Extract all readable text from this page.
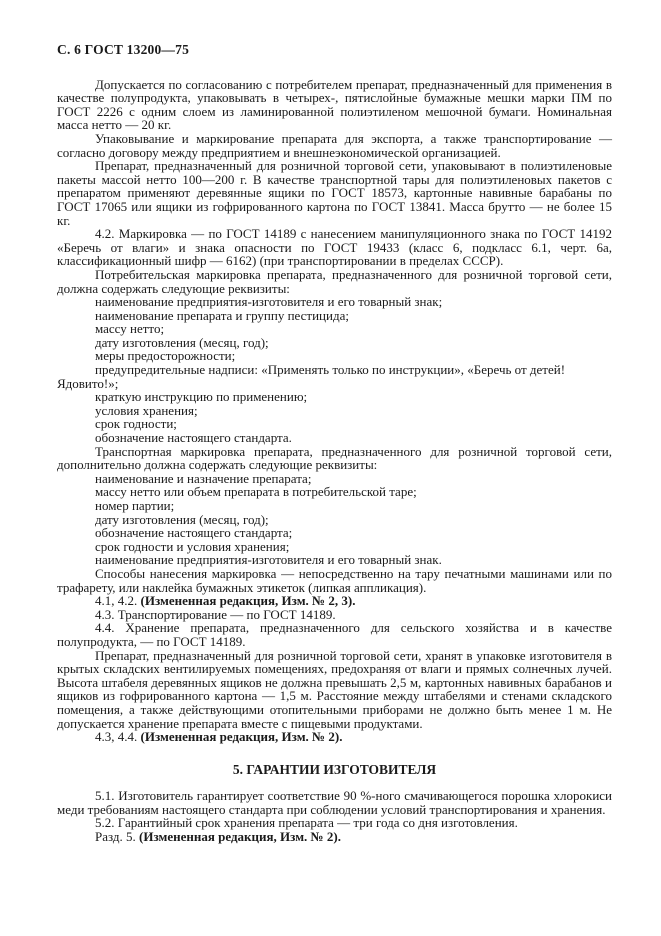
С. 6 ГОСТ 13200—75
Допускается по согласованию с потребителем препарат, предназначенный для применения в качестве полупродукта, упаковывать в четырех-, пятислойные бумажные мешки марки ПМ по ГОСТ 2226 с одним слоем из ламинированной полиэтиленом мешочной бумаги. Номинальная масса нетто — 20 кг.
Упаковывание и маркирование препарата для экспорта, а также транспортирование — согласно договору между предприятием и внешнеэкономической организацией.
Препарат, предназначенный для розничной торговой сети, упаковывают в полиэтиленовые пакеты массой нетто 100—200 г. В качестве транспортной тары для полиэтиленовых пакетов с препаратом применяют деревянные ящики по ГОСТ 18573, картонные навивные барабаны по ГОСТ 17065 или ящики из гофрированного картона по ГОСТ 13841. Масса брутто — не более 15 кг.
4.2. Маркировка — по ГОСТ 14189 с нанесением манипуляционного знака по ГОСТ 14192 «Беречь от влаги» и знака опасности по ГОСТ 19433 (класс 6, подкласс 6.1, черт. 6а, классификационный шифр — 6162) (при транспортировании в пределах СССР).
Потребительская маркировка препарата, предназначенного для розничной торговой сети, должна содержать следующие реквизиты:
наименование предприятия-изготовителя и его товарный знак;
наименование препарата и группу пестицида;
массу нетто;
дату изготовления (месяц, год);
меры предосторожности;
предупредительные надписи: «Применять только по инструкции», «Беречь от детей! Ядовито!»;
краткую инструкцию по применению;
условия хранения;
срок годности;
обозначение настоящего стандарта.
Транспортная маркировка препарата, предназначенного для розничной торговой сети, дополнительно должна содержать следующие реквизиты:
наименование и назначение препарата;
массу нетто или объем препарата в потребительской таре;
номер партии;
дату изготовления (месяц, год);
обозначение настоящего стандарта;
срок годности и условия хранения;
наименование предприятия-изготовителя и его товарный знак.
Способы нанесения маркировка — непосредственно на тару печатными машинами или по трафарету, или наклейка бумажных этикеток (липкая аппликация).
4.1, 4.2. (Измененная редакция, Изм. № 2, 3).
4.3. Транспортирование — по ГОСТ 14189.
4.4. Хранение препарата, предназначенного для сельского хозяйства и в качестве полупродукта, — по ГОСТ 14189.
Препарат, предназначенный для розничной торговой сети, хранят в упаковке изготовителя в крытых складских вентилируемых помещениях, предохраняя от влаги и прямых солнечных лучей. Высота штабеля деревянных ящиков не должна превышать 2,5 м, картонных навивных барабанов и ящиков из гофрированного картона — 1,5 м. Расстояние между штабелями и стенами складского помещения, а также действующими отопительными приборами не должно быть менее 1 м. Не допускается хранение препарата вместе с пищевыми продуктами.
4.3, 4.4. (Измененная редакция, Изм. № 2).
5. ГАРАНТИИ ИЗГОТОВИТЕЛЯ
5.1. Изготовитель гарантирует соответствие 90 %-ного смачивающегося порошка хлорокиси меди требованиям настоящего стандарта при соблюдении условий транспортирования и хранения.
5.2. Гарантийный срок хранения препарата — три года со дня изготовления.
Разд. 5. (Измененная редакция, Изм. № 2).
